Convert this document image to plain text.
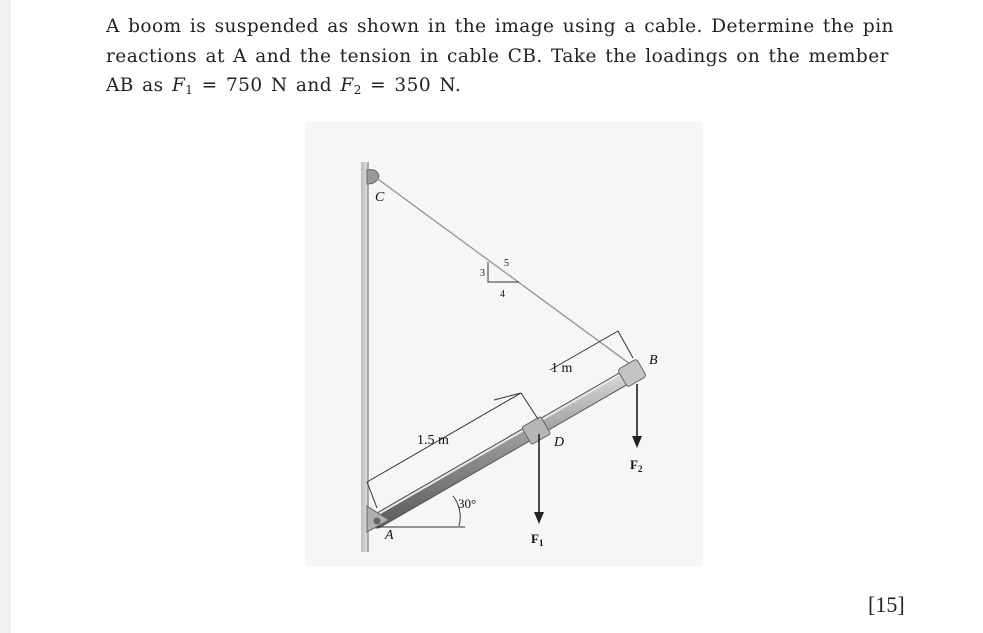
A boom is suspended as shown in the image using a cable. Determine the pin

reactions at A and the tension in cable CB. Take the loadings on the member

AB as $F_1 = 750$ N and $F_2 = 350$ N.

C
A
B
D
3
4
5
1 m
1.5 m
30°
$F_1$
$F_2$
[15]
